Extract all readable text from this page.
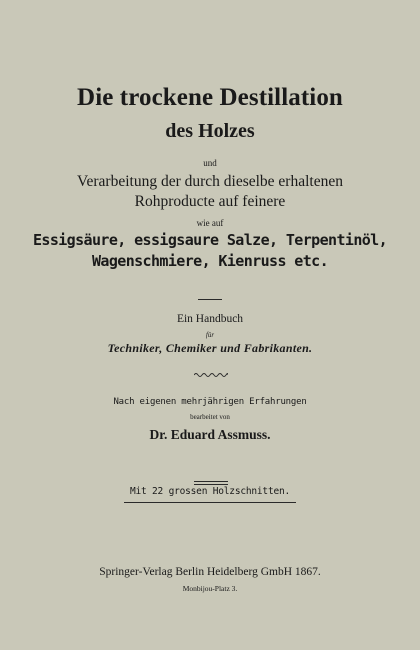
Die trockene Destillation
des Holzes
und
Verarbeitung der durch dieselbe erhaltenen
Rohproducte auf feinere
wie auf
Essigsäure, essigsaure Salze, Terpentinöl,
Wagenschmiere, Kienruss etc.
Ein Handbuch
für
Techniker, Chemiker und Fabrikanten.
Nach eigenen mehrjährigen Erfahrungen
bearbeitet von
Dr. Eduard Assmuss.
Mit 22 grossen Holzschnitten.
Springer-Verlag Berlin Heidelberg GmbH 1867.
Monbijou-Platz 3.
